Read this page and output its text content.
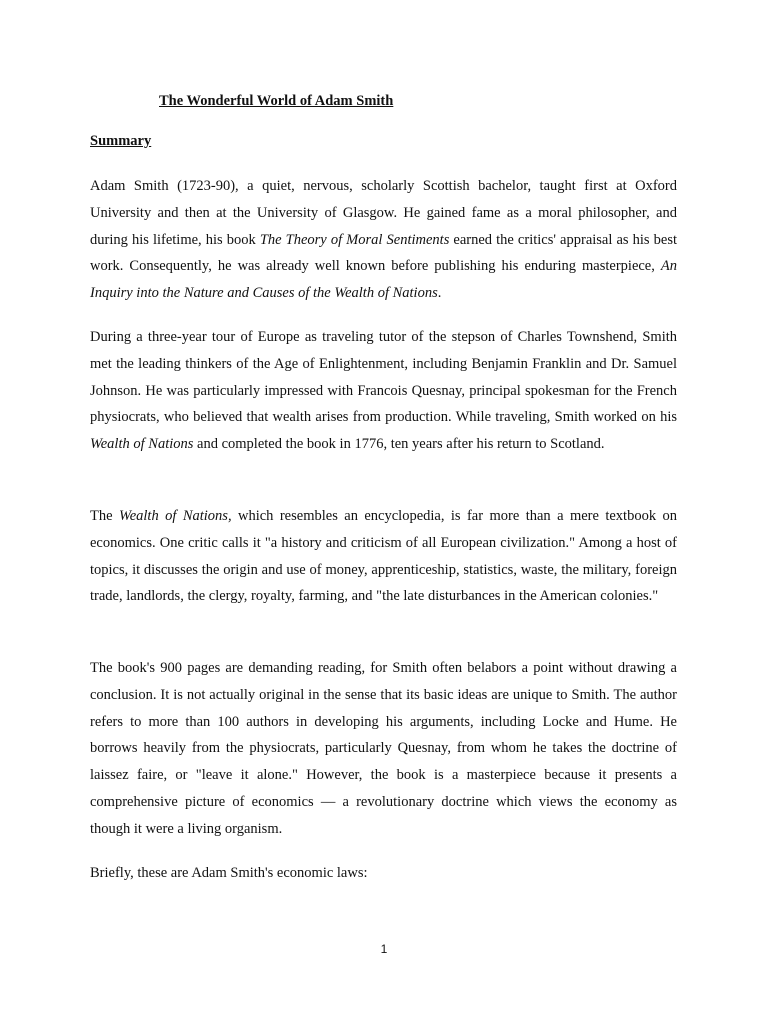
The Wonderful World of Adam Smith
Summary

Adam Smith (1723-90), a quiet, nervous, scholarly Scottish bachelor, taught first at Oxford University and then at the University of Glasgow. He gained fame as a moral philosopher, and during his lifetime, his book The Theory of Moral Sentiments earned the critics' appraisal as his best work. Consequently, he was already well known before publishing his enduring masterpiece, An Inquiry into the Nature and Causes of the Wealth of Nations.

During a three-year tour of Europe as traveling tutor of the stepson of Charles Townshend, Smith met the leading thinkers of the Age of Enlightenment, including Benjamin Franklin and Dr. Samuel Johnson. He was particularly impressed with Francois Quesnay, principal spokesman for the French physiocrats, who believed that wealth arises from production. While traveling, Smith worked on his Wealth of Nations and completed the book in 1776, ten years after his return to Scotland.

The Wealth of Nations, which resembles an encyclopedia, is far more than a mere textbook on economics. One critic calls it "a history and criticism of all European civilization." Among a host of topics, it discusses the origin and use of money, apprenticeship, statistics, waste, the military, foreign trade, landlords, the clergy, royalty, farming, and "the late disturbances in the American colonies."

The book's 900 pages are demanding reading, for Smith often belabors a point without drawing a conclusion. It is not actually original in the sense that its basic ideas are unique to Smith. The author refers to more than 100 authors in developing his arguments, including Locke and Hume. He borrows heavily from the physiocrats, particularly Quesnay, from whom he takes the doctrine of laissez faire, or "leave it alone." However, the book is a masterpiece because it presents a comprehensive picture of economics — a revolutionary doctrine which views the economy as though it were a living organism.

Briefly, these are Adam Smith's economic laws:

1
